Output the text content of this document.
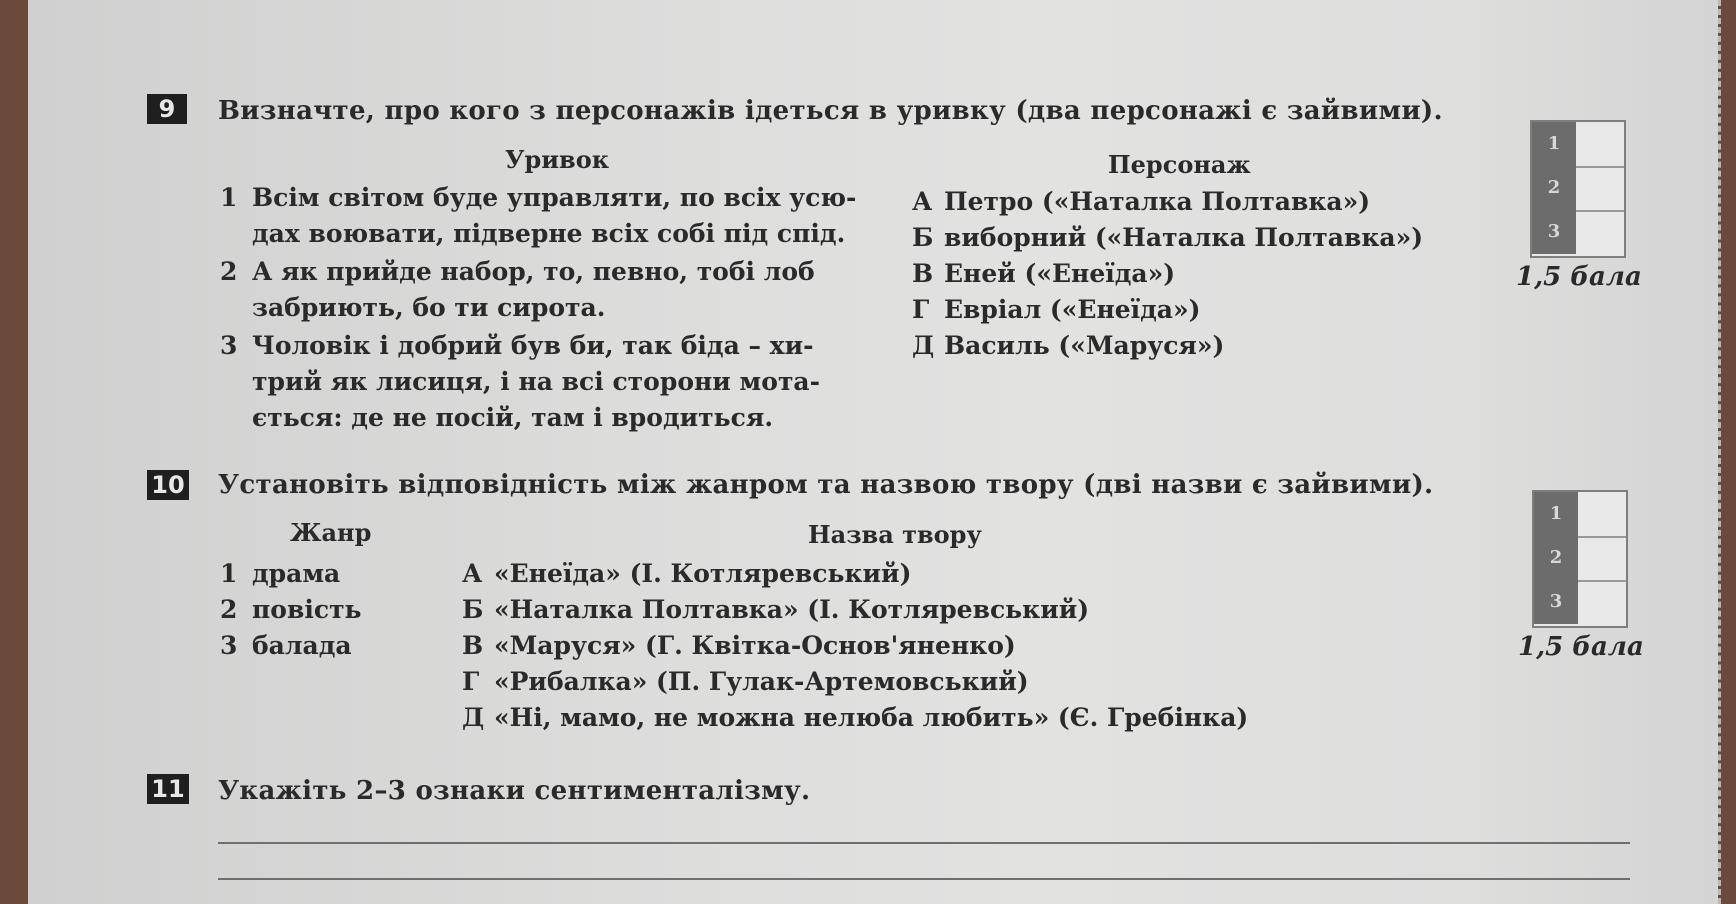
9	Визначте, про кого з персонажів ідеться в уривку (два персонажі є зайвими).
Уривок	Персонаж
1 Всім світом буде управляти, по всіх усю-
дах воювати, підверне всіх собі під спід.
2 А як прийде набор, то, певно, тобі лоб
забриють, бо ти сирота.
3 Чоловік і добрий був би, так біда – хи-
трий як лисиця, і на всі сторони мота-
ється: де не посій, там і вродиться.
А Петро («Наталка Полтавка»)
Б виборний («Наталка Полтавка»)
В Еней («Енеїда»)
Г Евріал («Енеїда»)
Д Василь («Маруся»)
1
2
3
1,5 бала
10 Установіть відповідність між жанром та назвою твору (дві назви є зайвими).
Жанр	Назва твору
1 драма
2 повість
3 балада
А «Енеїда» (І. Котляревський)
Б «Наталка Полтавка» (І. Котляревський)
В «Маруся» (Г. Квітка-Основ'яненко)
Г «Рибалка» (П. Гулак-Артемовський)
Д «Ні, мамо, не можна нелюба любить» (Є. Гребінка)
1
2
3
1,5 бала
11 Укажіть 2–3 ознаки сентименталізму.
